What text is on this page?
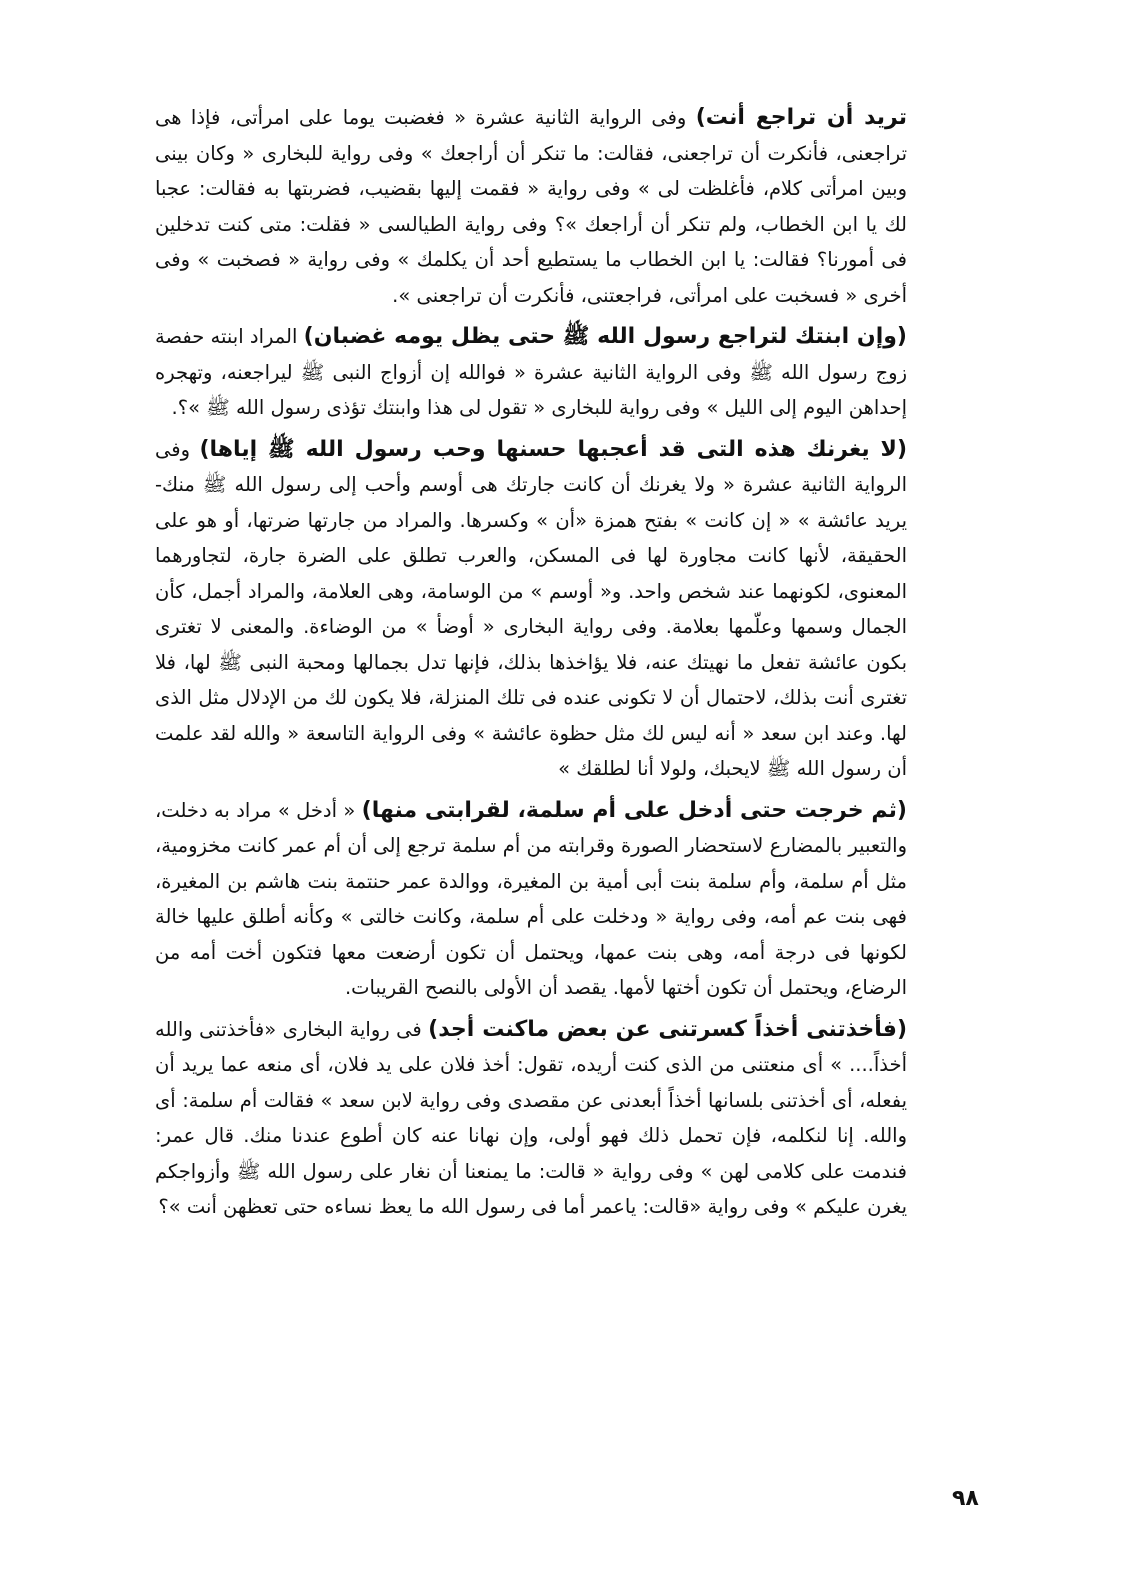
تريد أن تراجع أنت) وفى الرواية الثانية عشرة « فغضبت يوما على امرأتى، فإذا هى تراجعنى، فأنكرت أن تراجعنى، فقالت: ما تنكر أن أراجعك » وفى رواية للبخارى « وكان بينى وبين امرأتى كلام، فأغلظت لى » وفى رواية « فقمت إليها بقضيب، فضربتها به فقالت: عجبا لك يا ابن الخطاب، ولم تنكر أن أراجعك »؟ وفى رواية الطيالسى « فقلت: متى كنت تدخلين فى أمورنا؟ فقالت: يا ابن الخطاب ما يستطيع أحد أن يكلمك » وفى رواية « فصخبت » وفى أخرى « فسخبت على امرأتى، فراجعتنى، فأنكرت أن تراجعنى ».

(وإن ابنتك لتراجع رسول الله ﷺ حتى يظل يومه غضبان) المراد ابنته حفصة زوج رسول الله ﷺ وفى الرواية الثانية عشرة « فوالله إن أزواج النبى ﷺ ليراجعنه، وتهجره إحداهن اليوم إلى الليل » وفى رواية للبخارى « تقول لى هذا وابنتك تؤذى رسول الله ﷺ »؟.

(لا يغرنك هذه التى قد أعجبها حسنها وحب رسول الله ﷺ إياها) وفى الرواية الثانية عشرة « ولا يغرنك أن كانت جارتك هى أوسم وأحب إلى رسول الله ﷺ منك- يريد عائشة » « إن كانت » بفتح همزة «أن » وكسرها. والمراد من جارتها ضرتها، أو هو على الحقيقة، لأنها كانت مجاورة لها فى المسكن، والعرب تطلق على الضرة جارة، لتجاورهما المعنوى، لكونهما عند شخص واحد. و« أوسم » من الوسامة، وهى العلامة، والمراد أجمل، كأن الجمال وسمها وعلّمها بعلامة. وفى رواية البخارى « أوضأ » من الوضاءة. والمعنى لا تغترى بكون عائشة تفعل ما نهيتك عنه، فلا يؤاخذها بذلك، فإنها تدل بجمالها ومحبة النبى ﷺ لها، فلا تغترى أنت بذلك، لاحتمال أن لا تكونى عنده فى تلك المنزلة، فلا يكون لك من الإدلال مثل الذى لها. وعند ابن سعد « أنه ليس لك مثل حظوة عائشة » وفى الرواية التاسعة « والله لقد علمت أن رسول الله ﷺ لايحبك، ولولا أنا لطلقك »

(ثم خرجت حتى أدخل على أم سلمة، لقرابتى منها) « أدخل » مراد به دخلت، والتعبير بالمضارع لاستحضار الصورة وقرابته من أم سلمة ترجع إلى أن أم عمر كانت مخزومية، مثل أم سلمة، وأم سلمة بنت أبى أمية بن المغيرة، ووالدة عمر حنتمة بنت هاشم بن المغيرة، فهى بنت عم أمه، وفى رواية « ودخلت على أم سلمة، وكانت خالتى » وكأنه أطلق عليها خالة لكونها فى درجة أمه، وهى بنت عمها، ويحتمل أن تكون أرضعت معها فتكون أخت أمه من الرضاع، ويحتمل أن تكون أختها لأمها. يقصد أن الأولى بالنصح القريبات.

(فأخذتنى أخذاً كسرتنى عن بعض ماكنت أجد) فى رواية البخارى «فأخذتنى والله أخذاً.... » أى منعتنى من الذى كنت أريده، تقول: أخذ فلان على يد فلان، أى منعه عما يريد أن يفعله، أى أخذتنى بلسانها أخذاً أبعدنى عن مقصدى وفى رواية لابن سعد » فقالت أم سلمة: أى والله. إنا لنكلمه، فإن تحمل ذلك فهو أولى، وإن نهانا عنه كان أطوع عندنا منك. قال عمر: فندمت على كلامى لهن » وفى رواية « قالت: ما يمنعنا أن نغار على رسول الله ﷺ وأزواجكم يغرن عليكم » وفى رواية «قالت: ياعمر أما فى رسول الله ما يعظ نساءه حتى تعظهن أنت »؟

٩٨
